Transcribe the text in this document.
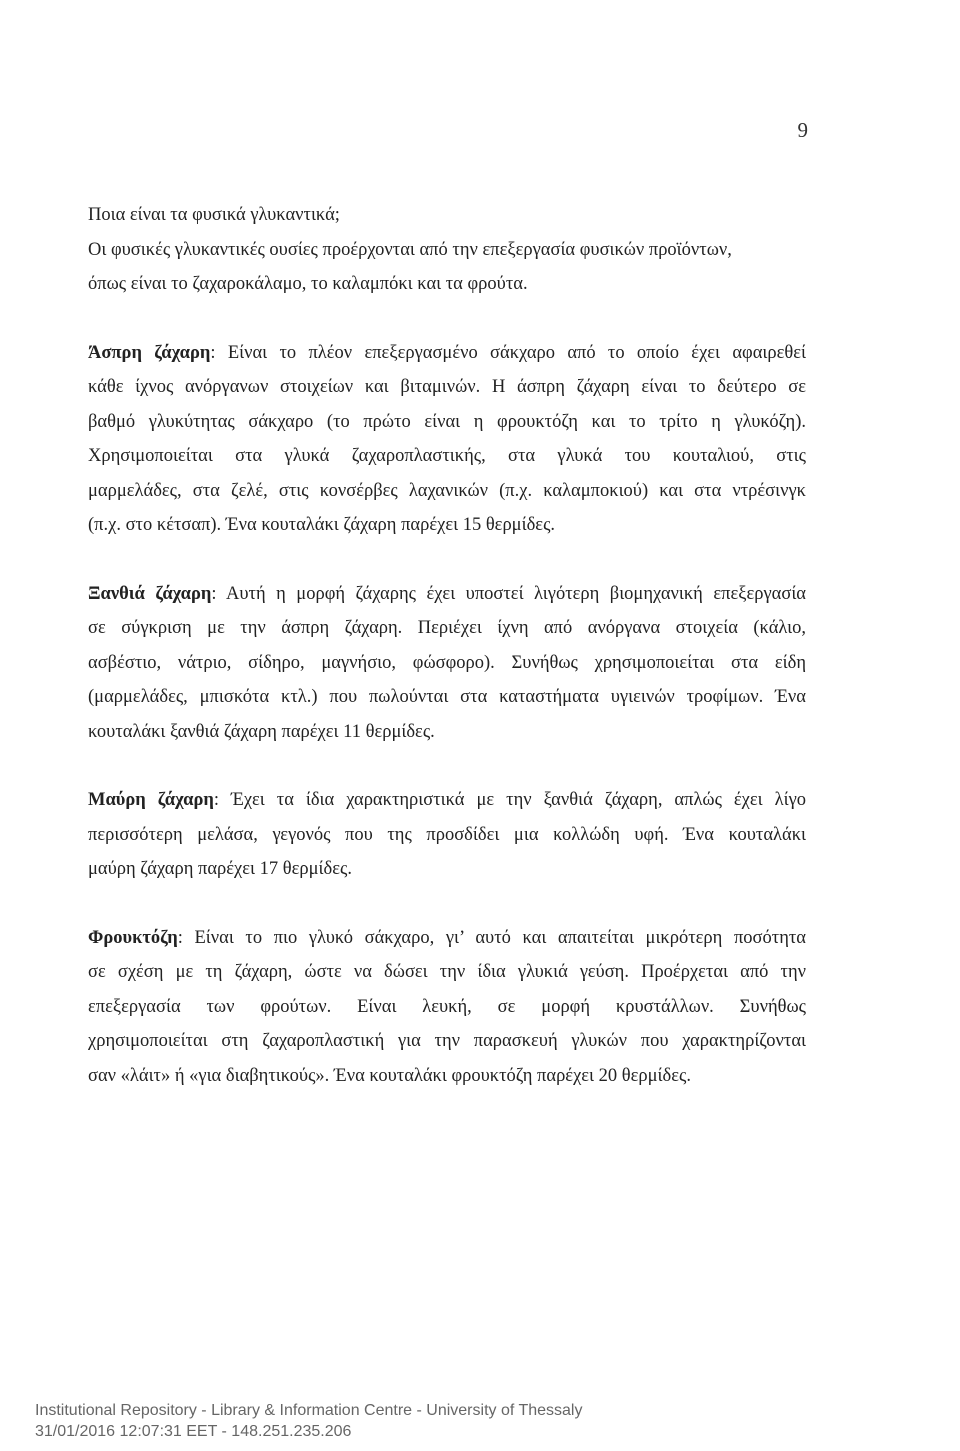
9
Ποια είναι τα φυσικά γλυκαντικά;
Οι φυσικές γλυκαντικές ουσίες προέρχονται από την επεξεργασία φυσικών προϊόντων,
όπως είναι το ζαχαροκάλαμο, το καλαμπόκι και τα φρούτα.
Άσπρη ζάχαρη: Είναι το πλέον επεξεργασμένο σάκχαρο από το οποίο έχει αφαιρεθεί
κάθε ίχνος ανόργανων στοιχείων και βιταμινών. Η άσπρη ζάχαρη είναι το δεύτερο σε
βαθμό γλυκύτητας σάκχαρο (το πρώτο είναι η φρουκτόζη και το τρίτο η γλυκόζη).
Χρησιμοποιείται στα γλυκά ζαχαροπλαστικής, στα γλυκά του κουταλιού, στις
μαρμελάδες, στα ζελέ, στις κονσέρβες λαχανικών (π.χ. καλαμποκιού) και στα ντρέσινγκ
(π.χ. στο κέτσαπ). Ένα κουταλάκι ζάχαρη παρέχει 15 θερμίδες.
Ξανθιά ζάχαρη: Αυτή η μορφή ζάχαρης έχει υποστεί λιγότερη βιομηχανική επεξεργασία
σε σύγκριση με την άσπρη ζάχαρη. Περιέχει ίχνη από ανόργανα στοιχεία (κάλιο,
ασβέστιο, νάτριο, σίδηρο, μαγνήσιο, φώσφορο). Συνήθως χρησιμοποιείται στα είδη
(μαρμελάδες, μπισκότα κτλ.) που πωλούνται στα καταστήματα υγιεινών τροφίμων. Ένα
κουταλάκι ξανθιά ζάχαρη παρέχει 11 θερμίδες.
Μαύρη ζάχαρη: Έχει τα ίδια χαρακτηριστικά με την ξανθιά ζάχαρη, απλώς έχει λίγο
περισσότερη μελάσα, γεγονός που της προσδίδει μια κολλώδη υφή. Ένα κουταλάκι
μαύρη ζάχαρη παρέχει 17 θερμίδες.
Φρουκτόζη: Είναι το πιο γλυκό σάκχαρο, γι’ αυτό και απαιτείται μικρότερη ποσότητα
σε σχέση με τη ζάχαρη, ώστε να δώσει την ίδια γλυκιά γεύση. Προέρχεται από την
επεξεργασία των φρούτων. Είναι λευκή, σε μορφή κρυστάλλων. Συνήθως
χρησιμοποιείται στη ζαχαροπλαστική για την παρασκευή γλυκών που χαρακτηρίζονται
σαν «λάιτ» ή «για διαβητικούς». Ένα κουταλάκι φρουκτόζη παρέχει 20 θερμίδες.
Institutional Repository - Library & Information Centre - University of Thessaly
31/01/2016 12:07:31 EET - 148.251.235.206
